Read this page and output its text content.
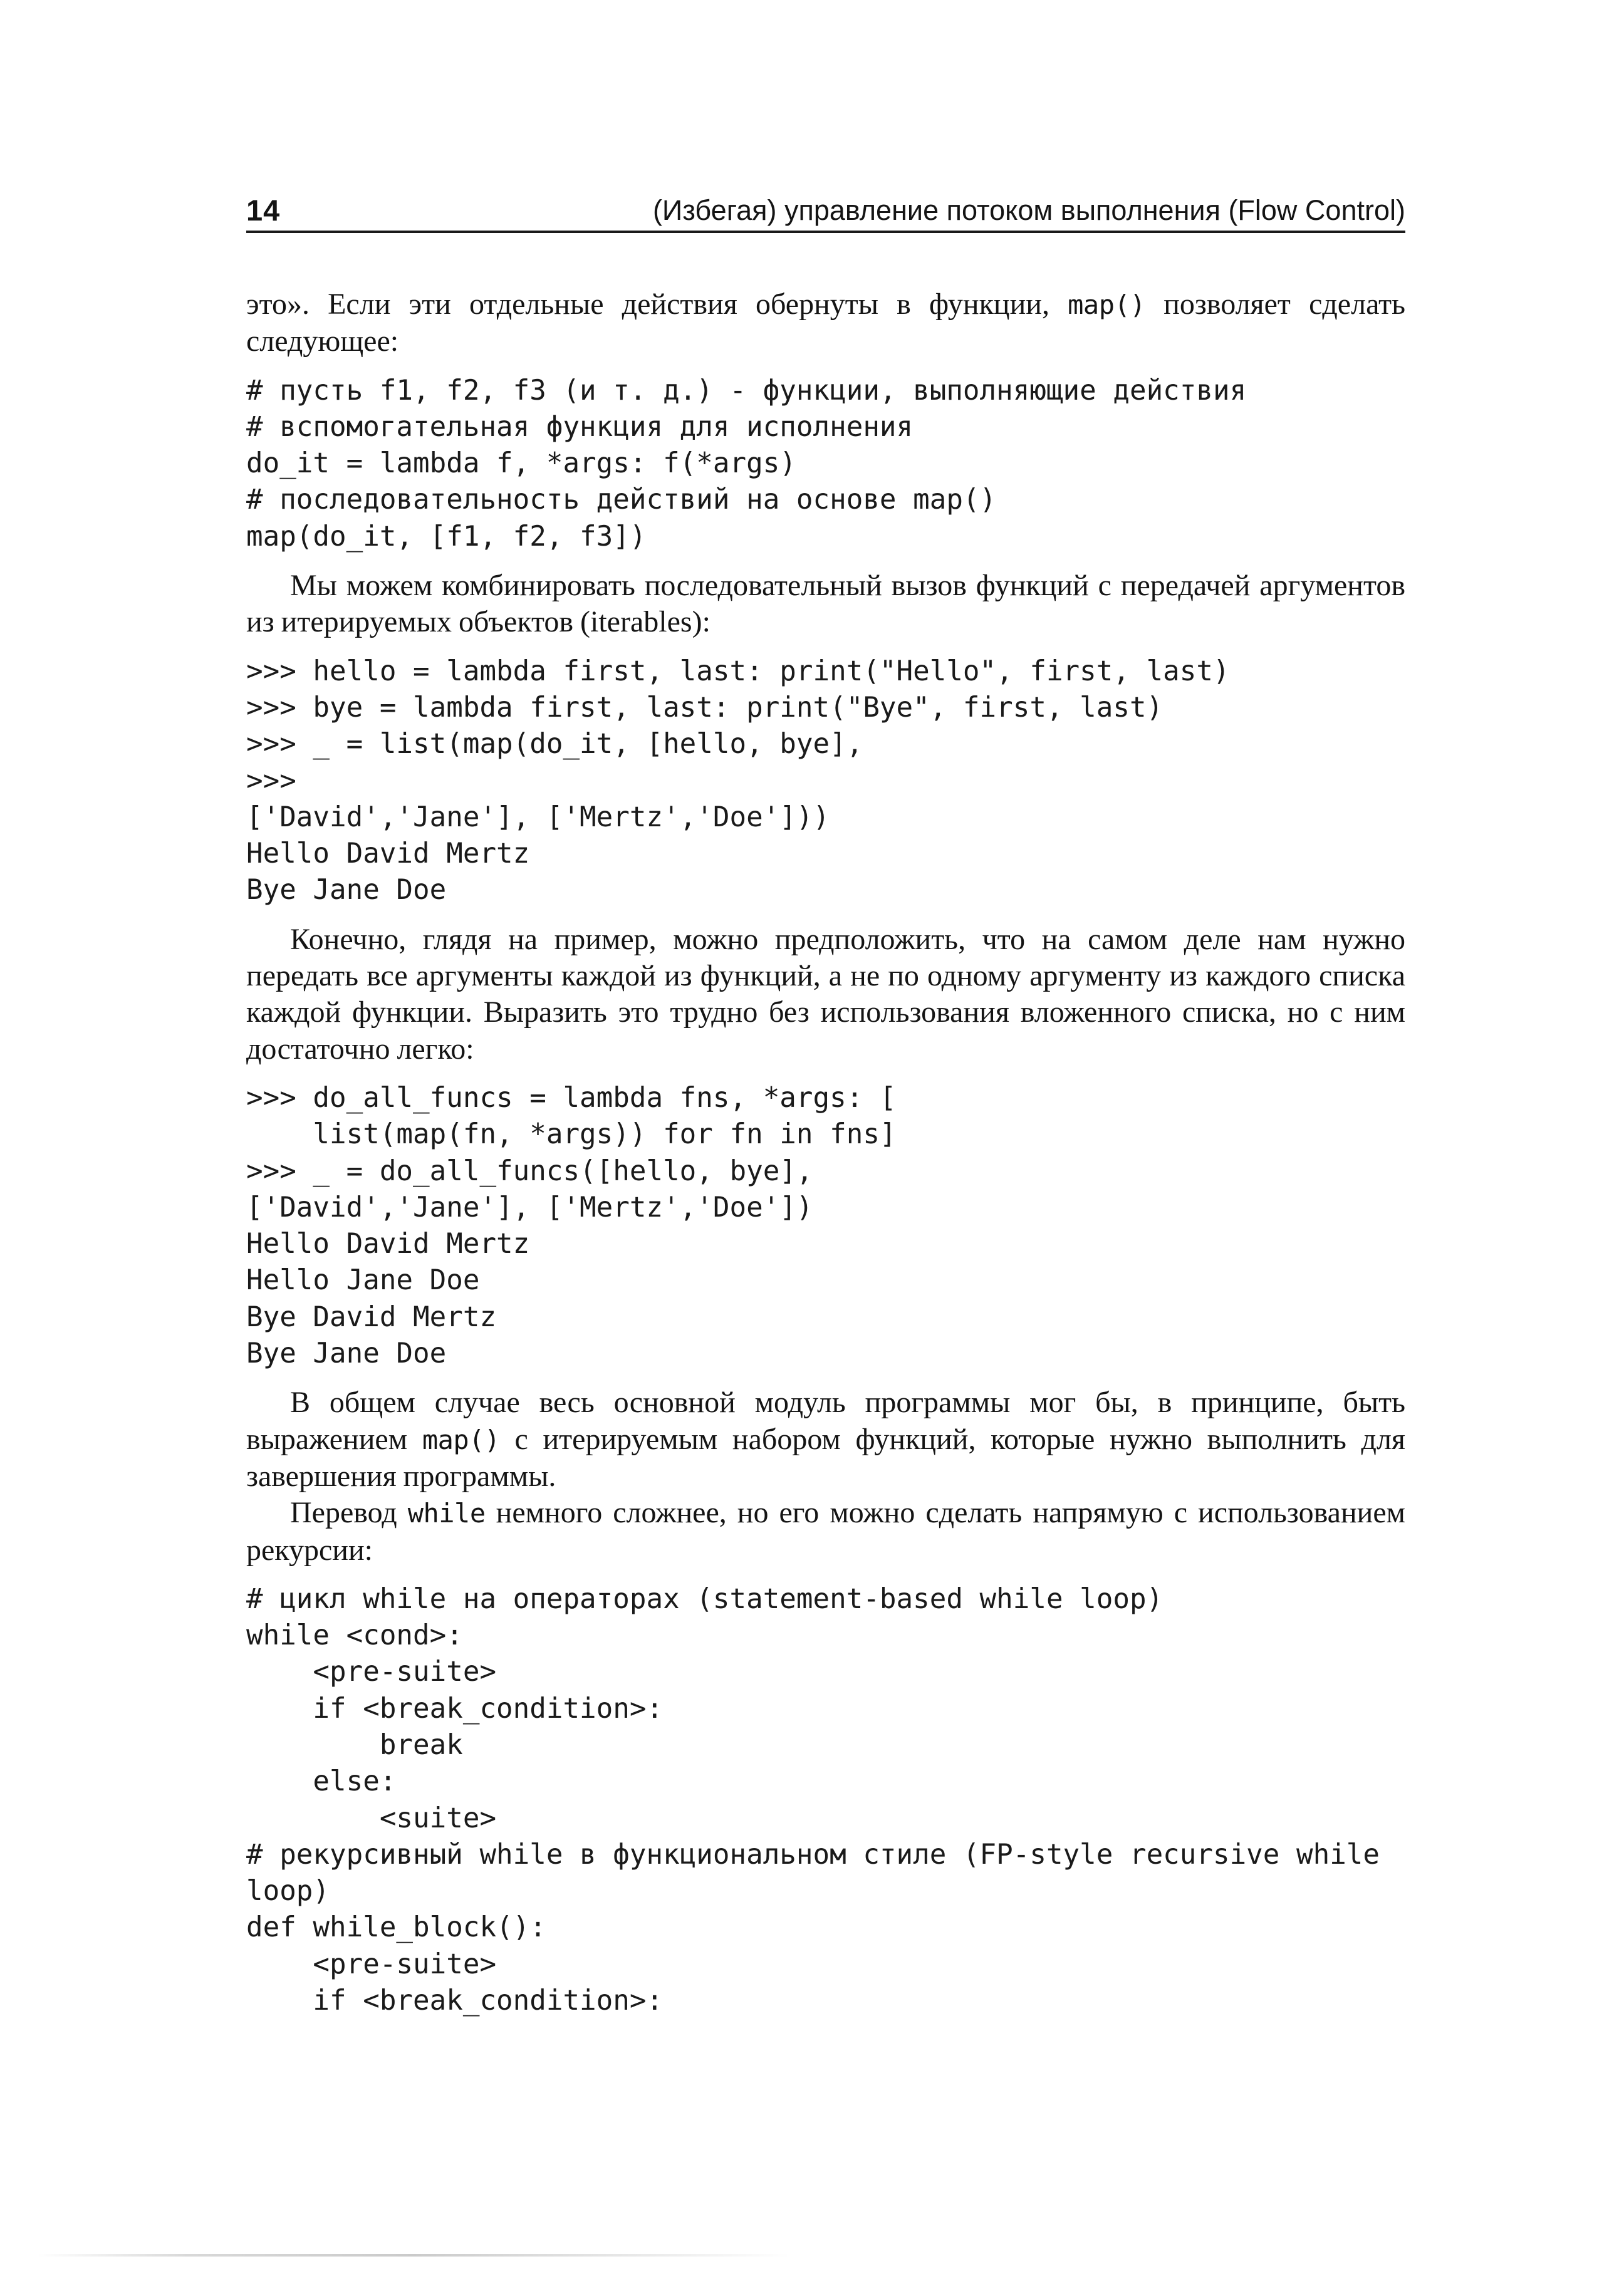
14	(Избегая) управление потоком выполнения (Flow Control)

это». Если эти отдельные действия обернуты в функции, map() позволяет сделать следующее:

# пусть f1, f2, f3 (и т. д.) - функции, выполняющие действия
# вспомогательная функция для исполнения
do_it = lambda f, *args: f(*args)
# последовательность действий на основе map()
map(do_it, [f1, f2, f3])

Мы можем комбинировать последовательный вызов функций с передачей аргументов из итерируемых объектов (iterables):

>>> hello = lambda first, last: print("Hello", first, last)
>>> bye = lambda first, last: print("Bye", first, last)
>>> _ = list(map(do_it, [hello, bye],
>>>
['David','Jane'], ['Mertz','Doe']))
Hello David Mertz
Bye Jane Doe

Конечно, глядя на пример, можно предположить, что на самом деле нам нужно передать все аргументы каждой из функций, а не по одному аргументу из каждого списка каждой функции. Выразить это трудно без использования вложенного списка, но с ним достаточно легко:

>>> do_all_funcs = lambda fns, *args: [
list(map(fn, *args)) for fn in fns]
>>> _ = do_all_funcs([hello, bye],
['David','Jane'], ['Mertz','Doe'])
Hello David Mertz
Hello Jane Doe
Bye David Mertz
Bye Jane Doe

В общем случае весь основной модуль программы мог бы, в принципе, быть выражением map() с итерируемым набором функций, которые нужно выполнить для завершения программы.

Перевод while немного сложнее, но его можно сделать напрямую с использованием рекурсии:

# цикл while на операторах (statement-based while loop)
while <cond>:
<pre-suite>
if <break_condition>:
break
else:
<suite>
# рекурсивный while в функциональном стиле (FP-style recursive while
loop)
def while_block():
<pre-suite>
if <break_condition>:
